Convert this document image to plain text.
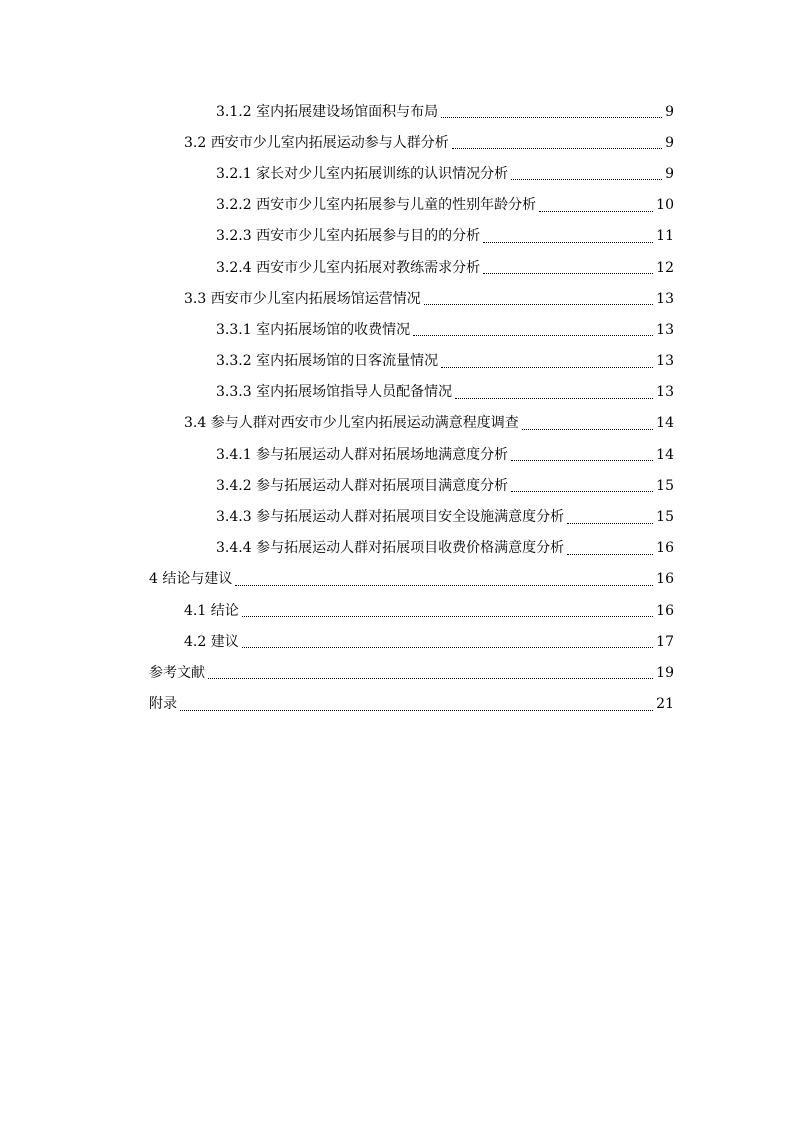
3.1.2 室内拓展建设场馆面积与布局	9
3.2 西安市少儿室内拓展运动参与人群分析	9
3.2.1 家长对少儿室内拓展训练的认识情况分析	9
3.2.2 西安市少儿室内拓展参与儿童的性别年龄分析	10
3.2.3 西安市少儿室内拓展参与目的的分析	11
3.2.4 西安市少儿室内拓展对教练需求分析	12
3.3 西安市少儿室内拓展场馆运营情况	13
3.3.1 室内拓展场馆的收费情况	13
3.3.2 室内拓展场馆的日客流量情况	13
3.3.3 室内拓展场馆指导人员配备情况	13
3.4 参与人群对西安市少儿室内拓展运动满意程度调查	14
3.4.1 参与拓展运动人群对拓展场地满意度分析	14
3.4.2 参与拓展运动人群对拓展项目满意度分析	15
3.4.3 参与拓展运动人群对拓展项目安全设施满意度分析	15
3.4.4 参与拓展运动人群对拓展项目收费价格满意度分析	16
4 结论与建议	16
4.1 结论	16
4.2 建议	17
参考文献	19
附录	21
